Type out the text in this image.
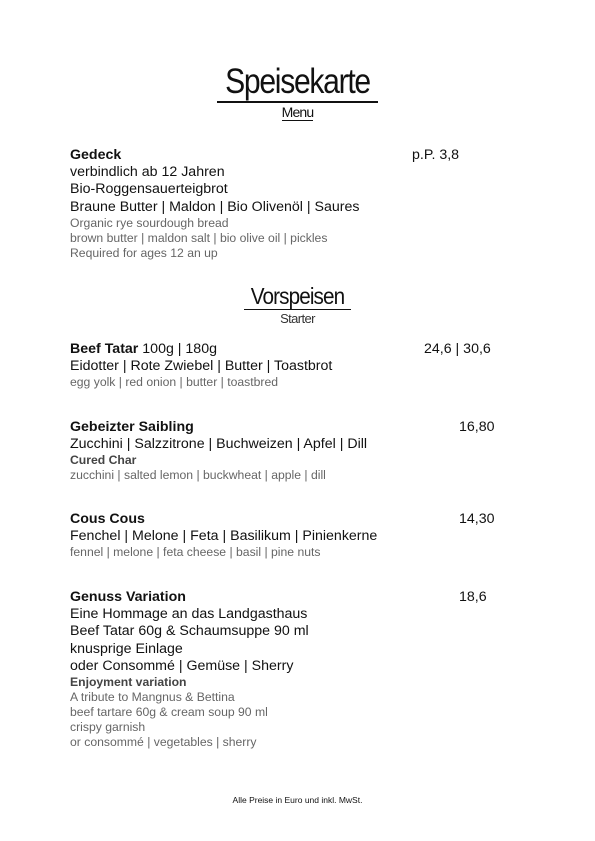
Speisekarte
Menu
Gedeck
verbindlich ab 12 Jahren
Bio-Roggensauerteigbrot
Braune Butter | Maldon | Bio Olivenöl | Saures
Organic rye sourdough bread
brown butter | maldon salt | bio olive oil | pickles
Required for ages 12 an up
p.P. 3,8
Vorspeisen
Starter
Beef Tatar 100g | 180g
Eidotter | Rote Zwiebel | Butter | Toastbrot
egg yolk | red onion | butter | toastbred
24,6 | 30,6
Gebeizter Saibling
Zucchini | Salzzitrone | Buchweizen | Apfel | Dill
Cured Char
zucchini | salted lemon | buckwheat | apple | dill
16,80
Cous Cous
Fenchel | Melone | Feta | Basilikum | Pinienkerne
fennel | melone | feta cheese | basil | pine nuts
14,30
Genuss Variation
Eine Hommage an das Landgasthaus
Beef Tatar 60g & Schaumsuppe 90 ml
knusprige Einlage
oder Consommé | Gemüse | Sherry
Enjoyment variation
A tribute to Mangnus & Bettina
beef tartare 60g & cream soup 90 ml
crispy garnish
or consommé | vegetables | sherry
18,6
Alle Preise in Euro und inkl. MwSt.
